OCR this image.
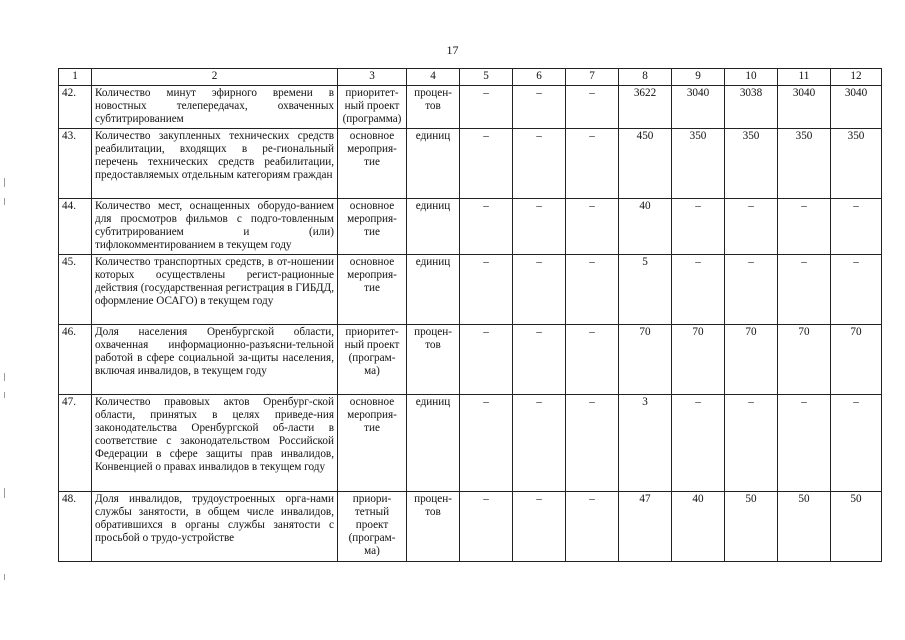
17
1	2	3	4	5	6	7	8	9	10	11	12
42.	Количество минут эфирного времени в новостных телепередачах, охваченных субтитрированием	приоритет-ный проект (программа)	процен-тов	–	–	–	3622	3040	3038	3040	3040
43.	Количество закупленных технических средств реабилитации, входящих в ре-гиональный перечень технических средств реабилитации, предоставляемых отдельным категориям граждан	основное мероприя-тие	единиц	–	–	–	450	350	350	350	350
44.	Количество мест, оснащенных оборудо-ванием для просмотров фильмов с подго-товленным субтитрированием и (или) тифлокомментированием в текущем году	основное мероприя-тие	единиц	–	–	–	40	–	–	–	–
45.	Количество транспортных средств, в от-ношении которых осуществлены регист-рационные действия (государственная регистрация в ГИБДД, оформление ОСАГО) в текущем году	основное мероприя-тие	единиц	–	–	–	5	–	–	–	–
46.	Доля населения Оренбургской области, охваченная информационно-разъясни-тельной работой в сфере социальной за-щиты населения, включая инвалидов, в текущем году	приоритет-ный проект (програм-ма)	процен-тов	–	–	–	70	70	70	70	70
47.	Количество правовых актов Оренбург-ской области, принятых в целях приведе-ния законодательства Оренбургской об-ласти в соответствие с законодательством Российской Федерации в сфере защиты прав инвалидов, Конвенцией о правах инвалидов в текущем году	основное мероприя-тие	единиц	–	–	–	3	–	–	–	–
48.	Доля инвалидов, трудоустроенных орга-нами службы занятости, в общем числе инвалидов, обратившихся в органы службы занятости с просьбой о трудо-устройстве	приори-тетный проект (програм-ма)	процен-тов	–	–	–	47	40	50	50	50
